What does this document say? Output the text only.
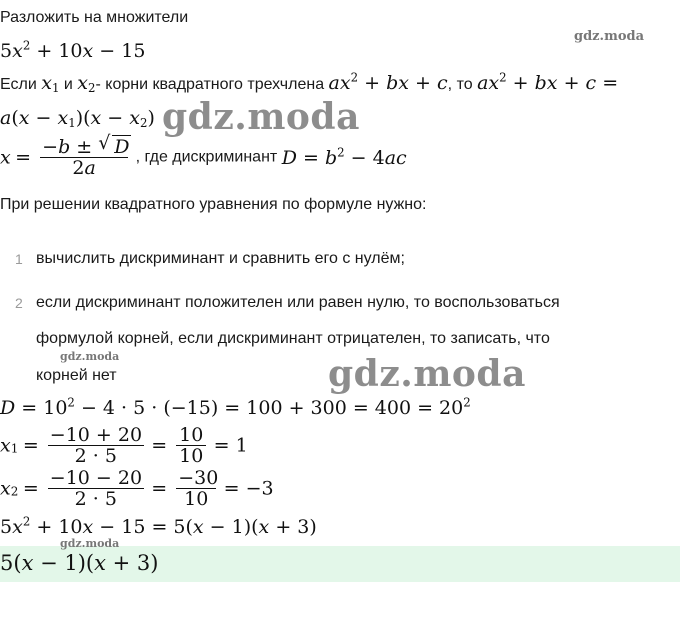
Разложить на множители
gdz.moda
$5x^2 + 10x - 15$
Если $x_1$ и $x_2-$ корни квадратного трехчлена $ax^2$ + bx + c, то $ax^2$ + bx + c =
$a(x - x_1)(x - x_2)$ gdz.moda
$x = \frac{-b \pm √ D}{2a}$ , где дискриминант $D = b^2 - 4ac$
При решении квадратного уравнения по формуле нужно:
1 вычислить дискриминант и сравнить его с нулём;
2 если дискриминант положителен или равен нулю, то воспользоваться
формулой корней, если дискриминант отрицателен, то записать, что
gdz.moda
корней нет	gdz.moda
$D = 10^2 - 4 \cdot 5 \cdot (-15) = 100 + 300 = 400 = 20^2$
$x_1 = \frac{-10 + 20}{2 \cdot 5} = \frac{10}{10} = 1$
$x_2 = \frac{-10 - 20}{2 \cdot 5} = \frac{-30}{10} = -3$
$5x^2 + 10x - 15 = 5(x - 1)(x + 3)$
gdz.moda
5(x − 1)(x + 3)
